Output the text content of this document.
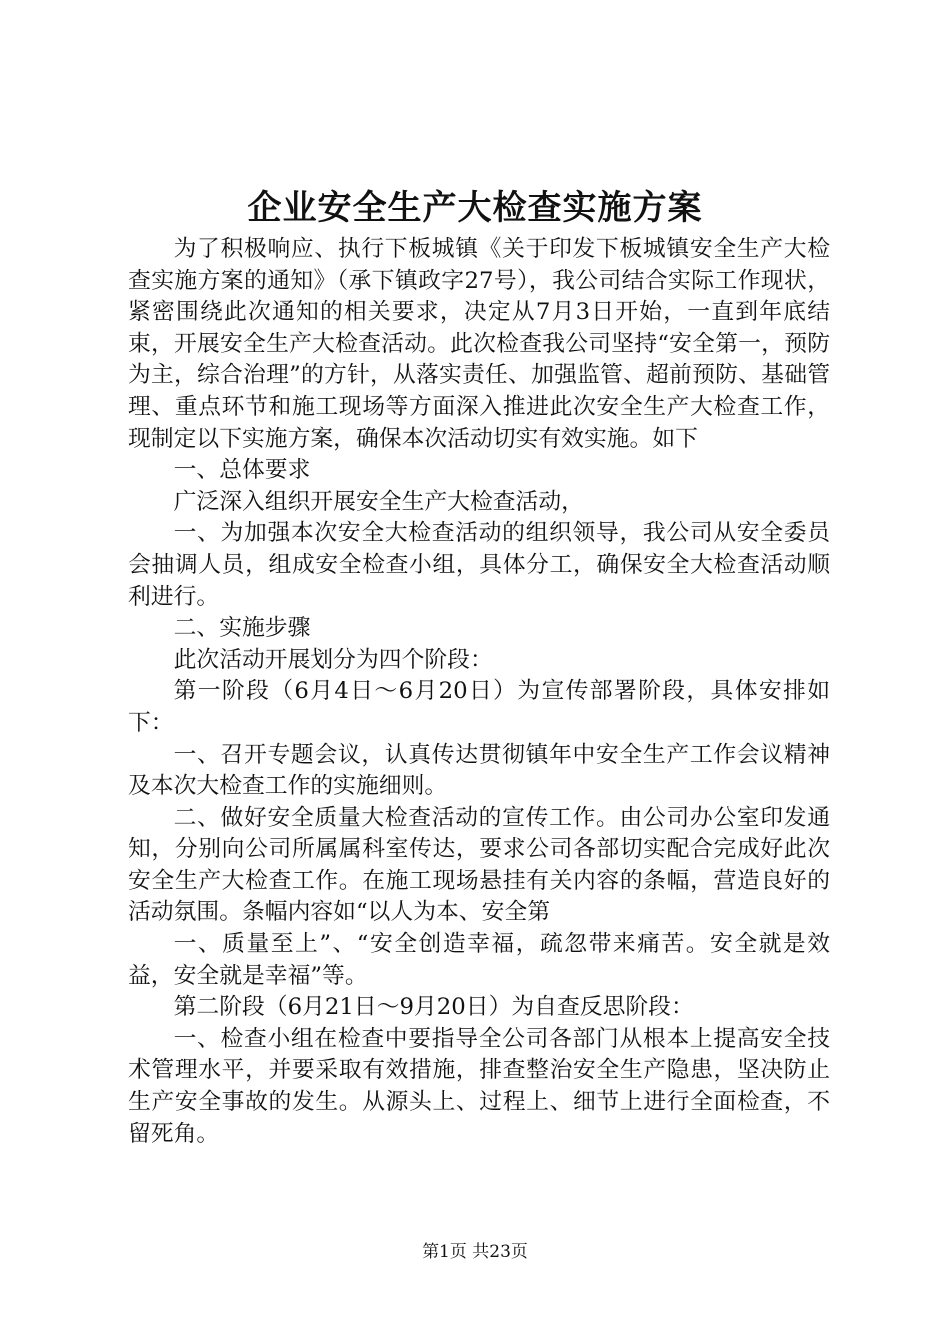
企业安全生产大检查实施方案

为了积极响应、执行下板城镇《关于印发下板城镇安全生产大检查实施方案的通知》（承下镇政字27号），我公司结合实际工作现状，紧密围绕此次通知的相关要求，决定从7月3日开始，一直到年底结束，开展安全生产大检查活动。此次检查我公司坚持“安全第一，预防为主，综合治理”的方针，从落实责任、加强监管、超前预防、基础管理、重点环节和施工现场等方面深入推进此次安全生产大检查工作，现制定以下实施方案，确保本次活动切实有效实施。如下

一、总体要求

广泛深入组织开展安全生产大检查活动，

一、为加强本次安全大检查活动的组织领导，我公司从安全委员会抽调人员，组成安全检查小组，具体分工，确保安全大检查活动顺利进行。

二、实施步骤

此次活动开展划分为四个阶段：

第一阶段（6月4日～6月20日）为宣传部署阶段，具体安排如下：

一、召开专题会议，认真传达贯彻镇年中安全生产工作会议精神及本次大检查工作的实施细则。

二、做好安全质量大检查活动的宣传工作。由公司办公室印发通知，分别向公司所属属科室传达，要求公司各部切实配合完成好此次安全生产大检查工作。在施工现场悬挂有关内容的条幅，营造良好的活动氛围。条幅内容如“以人为本、安全第

一、质量至上”、“安全创造幸福，疏忽带来痛苦。安全就是效益，安全就是幸福”等。

第二阶段（6月21日～9月20日）为自查反思阶段：

一、检查小组在检查中要指导全公司各部门从根本上提高安全技术管理水平，并要采取有效措施，排查整治安全生产隐患，坚决防止生产安全事故的发生。从源头上、过程上、细节上进行全面检查，不留死角。

第1页 共23页
